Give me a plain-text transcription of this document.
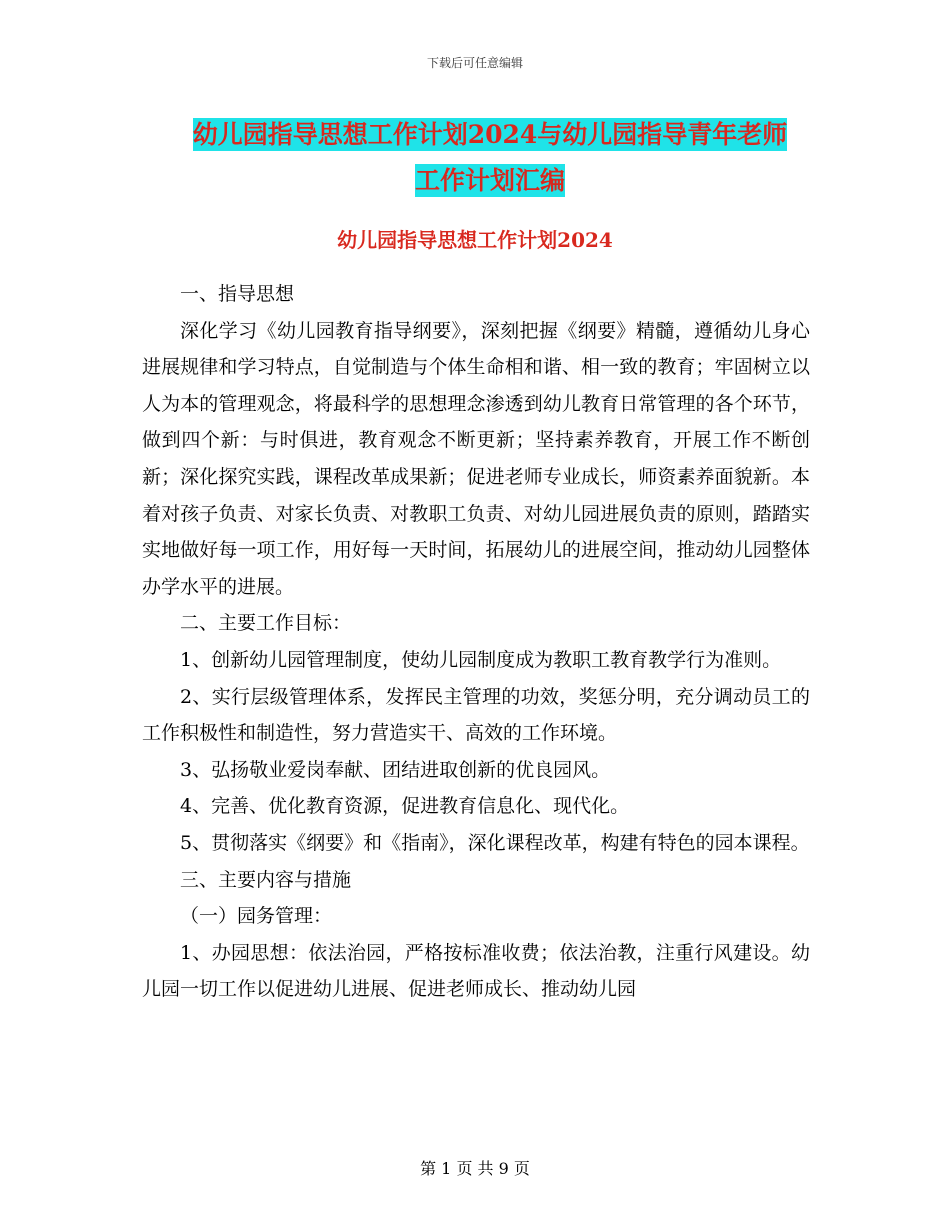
下载后可任意编辑
幼儿园指导思想工作计划2024与幼儿园指导青年老师
工作计划汇编
幼儿园指导思想工作计划2024

一、指导思想

深化学习《幼儿园教育指导纲要》，深刻把握《纲要》精髓，遵循幼儿身心进展规律和学习特点，自觉制造与个体生命相和谐、相一致的教育；牢固树立以人为本的管理观念，将最科学的思想理念渗透到幼儿教育日常管理的各个环节，做到四个新：与时俱进，教育观念不断更新；坚持素养教育，开展工作不断创新；深化探究实践，课程改革成果新；促进老师专业成长，师资素养面貌新。本着对孩子负责、对家长负责、对教职工负责、对幼儿园进展负责的原则，踏踏实实地做好每一项工作，用好每一天时间，拓展幼儿的进展空间，推动幼儿园整体办学水平的进展。

二、主要工作目标：

1、创新幼儿园管理制度，使幼儿园制度成为教职工教育教学行为准则。

2、实行层级管理体系，发挥民主管理的功效，奖惩分明，充分调动员工的工作积极性和制造性，努力营造实干、高效的工作环境。

3、弘扬敬业爱岗奉献、团结进取创新的优良园风。

4、完善、优化教育资源，促进教育信息化、现代化。

5、贯彻落实《纲要》和《指南》，深化课程改革，构建有特色的园本课程。

三、主要内容与措施

（一）园务管理：

1、办园思想：依法治园，严格按标准收费；依法治教，注重行风建设。幼儿园一切工作以促进幼儿进展、促进老师成长、推动幼儿园

第 1 页 共 9 页
